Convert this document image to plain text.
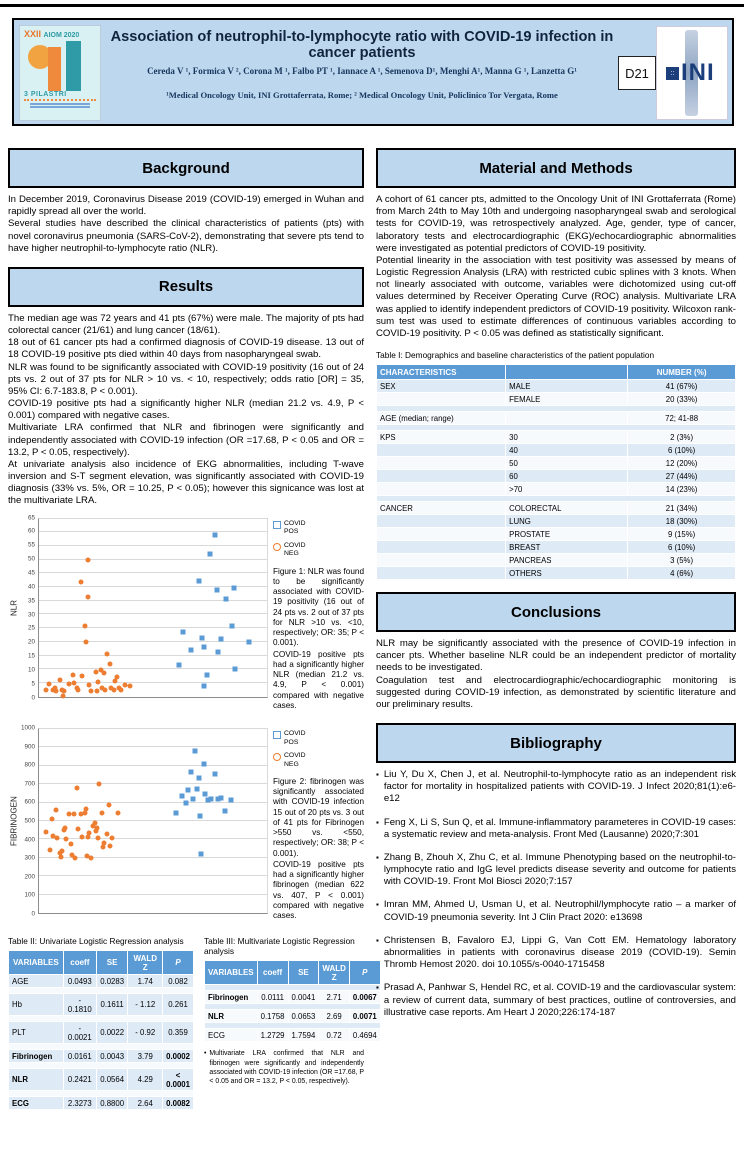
XXII AIOM 2020
3 PILASTRI
Association of neutrophil-to-lymphocyte ratio with COVID-19 infection in cancer patients
Cereda V ¹, Formica V ², Corona M ¹, Falbo PT ¹, Iannace A ¹, Semenova D¹, Menghi A¹, Manna G ¹, Lanzetta G¹
¹Medical Oncology Unit, INI Grottaferrata, Rome; ² Medical Oncology Unit, Policlinico Tor Vergata, Rome
D21	:: INI
Background
In December 2019, Coronavirus Disease 2019 (COVID-19) emerged in Wuhan and rapidly spread all over the world.
Several studies have described the clinical characteristics of patients (pts) with novel coronavirus pneumonia (SARS-CoV-2), demonstrating that severe pts tend to have higher neutrophil-to-lymphocyte ratio (NLR).
Results
The median age was 72 years and 41 pts (67%) were male. The majority of pts had colorectal cancer (21/61) and lung cancer (18/61).
18 out of 61 cancer pts had a confirmed diagnosis of COVID-19 disease. 13 out of 18 COVID-19 positive pts died within 40 days from nasopharyngeal swab.
NLR was found to be significantly associated with COVID-19 positivity (16 out of 24 pts vs. 2 out of 37 pts for NLR > 10 vs. < 10, respectively; odds ratio [OR] = 35, 95% CI: 6.7-183.8, P < 0.001).
COVID-19 positive pts had a significantly higher NLR (median 21.2 vs. 4.9, P < 0.001) compared with negative cases.
Multivariate LRA confirmed that NLR and fibrinogen were significantly and independently associated with COVID-19 infection (OR =17.68, P < 0.05 and OR = 13.2, P < 0.05, respectively).
At univariate analysis also incidence of EKG abnormalities, including T-wave inversion and S-T segment elevation, was significantly associated with COVID-19 diagnosis (33% vs. 5%, OR = 10.25, P < 0.05); however this signicance was lost at the multivariate LRA.
NLR
0
5
10
15
20
25
30
35
40
45
50
55
60
65
COVID POS
COVID NEG
Figure 1: NLR was found to be significantly associated with COVID-19 positivity (16 out of 24 pts vs. 2 out of 37 pts for NLR >10 vs. <10, respectively; OR: 35; P < 0.001).
COVID-19 positive pts had a significantly higher NLR (median 21.2 vs. 4.9, P < 0.001) compared with negative cases.
FIBRINOGEN
0
100
200
300
400
500
600
700
800
900
1000
COVID POS
COVID NEG
Figure 2: fibrinogen was significantly associated with COVID-19 infection 15 out of 20 pts vs. 3 out of 41 pts for Fibrinogen >550 vs. <550, respectively; OR: 38; P < 0.001).
COVID-19 positive pts had a significantly higher fibrinogen (median 622 vs. 407, P < 0.001) compared with negative cases.
Table II: Univariate Logistic Regression analysis
VARIABLES	coeff	SE	WALD Z	P
AGE	0.0493	0.0283	1.74	0.082

Hb	- 0.1810	0.1611	- 1.12	0.261

PLT	- 0.0021	0.0022	- 0.92	0.359

Fibrinogen	0.0161	0.0043	3.79	0.0002

NLR	0.2421	0.0564	4.29	< 0.0001

ECG	2.3273	0.8800	2.64	0.0082
Table III: Multivariate Logistic Regression analysis
VARIABLES	coeff	SE	WALD Z	P

Fibrinogen	0.0111	0.0041	2.71	0.0067

NLR	0.1758	0.0653	2.69	0.0071

ECG	1.2729	1.7594	0.72	0.4694
• Multivariate LRA confirmed that NLR and fibrinogen were significantly and independently associated with COVID-19 infection (OR =17.68, P < 0.05 and OR = 13.2, P < 0.05, respectively).
Material and Methods
A cohort of 61 cancer pts, admitted to the Oncology Unit of INI Grottaferrata (Rome) from March 24th to May 10th and undergoing nasopharyngeal swab and serological tests for COVID-19, was retrospectively analyzed. Age, gender, type of cancer, laboratory tests and electrocardiographic (EKG)/echocardiographic abnormalities were investigated as potential predictors of COVID-19 positivity.
Potential linearity in the association with test positivity was assessed by means of Logistic Regression Analysis (LRA) with restricted cubic splines with 3 knots. When not linearly associated with outcome, variables were dichotomized using cut-off values determined by Receiver Operating Curve (ROC) analysis. Multivariate LRA was applied to identify independent predictors of COVID-19 positivity. Wilcoxon rank-sum test was used to estimate differences of continuous variables according to COVID-19 positivity. P < 0.05 was defined as statistically significant.
Table I: Demographics and baseline characteristics of the patient population
CHARACTERISTICS		NUMBER (%)
SEX	MALE	41 (67%)
	FEMALE	20 (33%)

AGE (median; range)		72; 41-88

KPS	30	2 (3%)
	40	6 (10%)
	50	12 (20%)
	60	27 (44%)
	>70	14 (23%)

CANCER	COLORECTAL	21 (34%)
	LUNG	18 (30%)
	PROSTATE	9 (15%)
	BREAST	6 (10%)
	PANCREAS	3 (5%)
	OTHERS	4 (6%)
Conclusions
NLR may be significantly associated with the presence of COVID-19 infection in cancer pts. Whether baseline NLR could be an independent predictor of mortality needs to be investigated.
Coagulation test and electrocardiographic/echocardiographic monitoring is suggested during COVID-19 infection, as demonstrated by scientific literature and our preliminary results.
Bibliography
▪ Liu Y, Du X, Chen J, et al. Neutrophil-to-lymphocyte ratio as an independent risk factor for mortality in hospitalized patients with COVID-19. J Infect 2020;81(1):e6-e12
▪ Feng X, Li S, Sun Q, et al. Immune-inflammatory parameteres in COVID-19 cases: a systematic review and meta-analysis. Front Med (Lausanne) 2020;7:301
▪ Zhang B, Zhouh X, Zhu C, et al. Immune Phenotyping based on the neutrophil-to-lymphocyte ratio and IgG level predicts disease severity and outcome for patients with COVID-19. Front Mol Biosci 2020;7:157
▪ Imran MM, Ahmed U, Usman U, et al. Neutrophil/lymphocyte ratio – a marker of COVID-19 pneumonia severity. Int J Clin Pract 2020: e13698
▪ Christensen B, Favaloro EJ, Lippi G, Van Cott EM. Hematology laboratory abnormalities in patients with coronavirus disease 2019 (COVID-19). Semin Thromb Hemost 2020. doi 10.1055/s-0040-1715458
▪ Prasad A, Panhwar S, Hendel RC, et al. COVID-19 and the cardiovascular system: a review of current data, summary of best practices, outline of controversies, and illustrative case reports. Am Heart J 2020;226:174-187
